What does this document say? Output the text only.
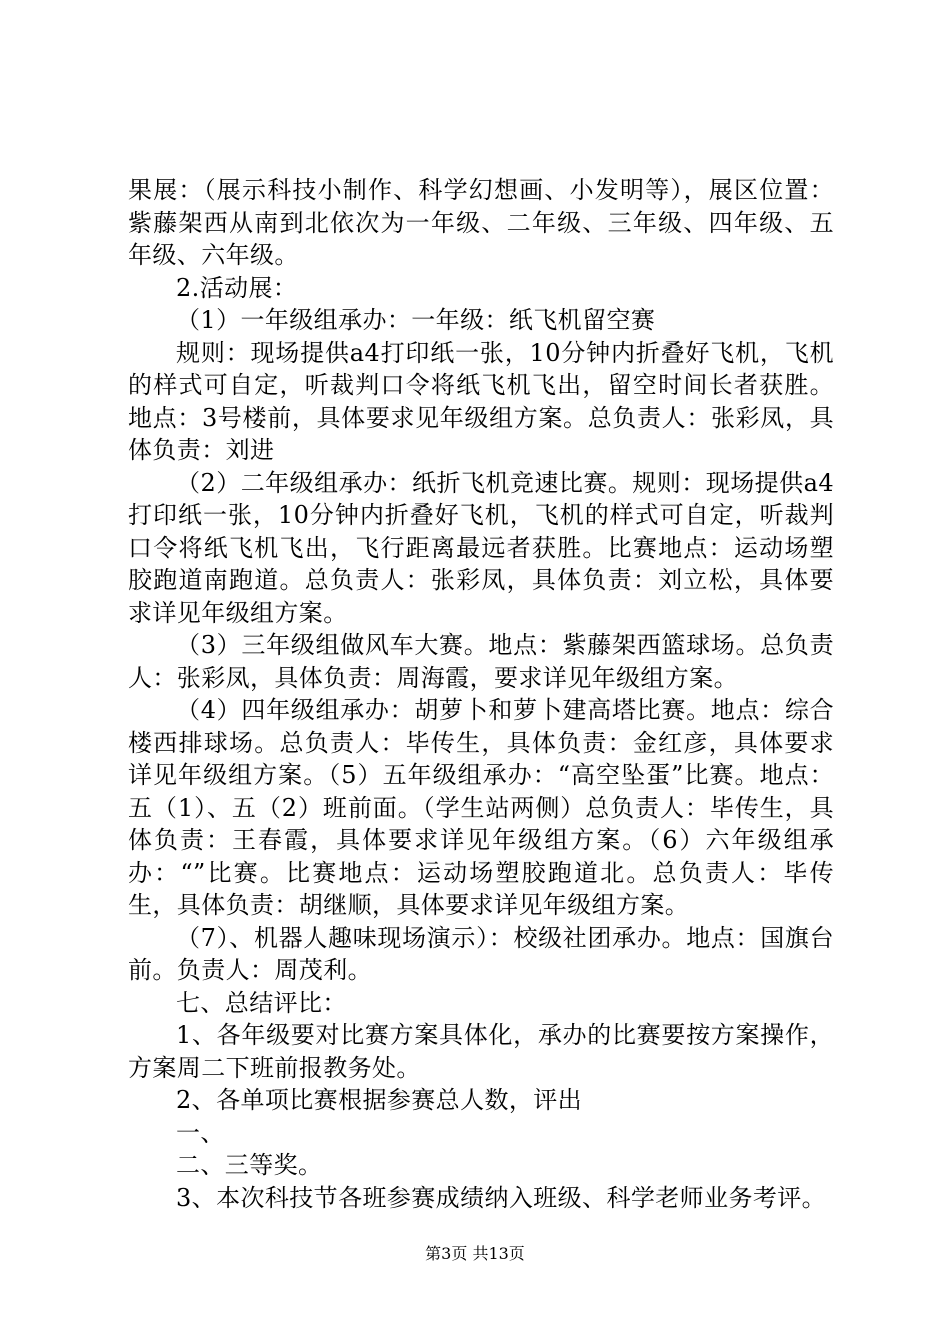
果展：（展示科技小制作、科学幻想画、小发明等），展区位置：紫藤架西从南到北依次为一年级、二年级、三年级、四年级、五年级、六年级。

2.活动展：

（1）一年级组承办：一年级：纸飞机留空赛

规则：现场提供a4打印纸一张，10分钟内折叠好飞机，飞机的样式可自定，听裁判口令将纸飞机飞出，留空时间长者获胜。地点：3号楼前，具体要求见年级组方案。总负责人：张彩凤，具体负责：刘进

（2）二年级组承办：纸折飞机竞速比赛。规则：现场提供a4打印纸一张，10分钟内折叠好飞机，飞机的样式可自定，听裁判口令将纸飞机飞出，飞行距离最远者获胜。比赛地点：运动场塑胶跑道南跑道。总负责人：张彩凤，具体负责：刘立松，具体要求详见年级组方案。

（3）三年级组做风车大赛。地点：紫藤架西篮球场。总负责人：张彩凤，具体负责：周海霞，要求详见年级组方案。

（4）四年级组承办：胡萝卜和萝卜建高塔比赛。地点：综合楼西排球场。总负责人：毕传生，具体负责：金红彦，具体要求详见年级组方案。（5）五年级组承办：“高空坠蛋”比赛。地点：五（1）、五（2）班前面。（学生站两侧）总负责人：毕传生，具体负责：王春霞，具体要求详见年级组方案。（6）六年级组承办：“”比赛。比赛地点：运动场塑胶跑道北。总负责人：毕传生，具体负责：胡继顺，具体要求详见年级组方案。

（7）、机器人趣味现场演示）：校级社团承办。地点：国旗台前。负责人：周茂利。

七、总结评比：

1、各年级要对比赛方案具体化，承办的比赛要按方案操作，方案周二下班前报教务处。

2、各单项比赛根据参赛总人数，评出

一、

二、三等奖。

3、本次科技节各班参赛成绩纳入班级、科学老师业务考评。

第3页 共13页
